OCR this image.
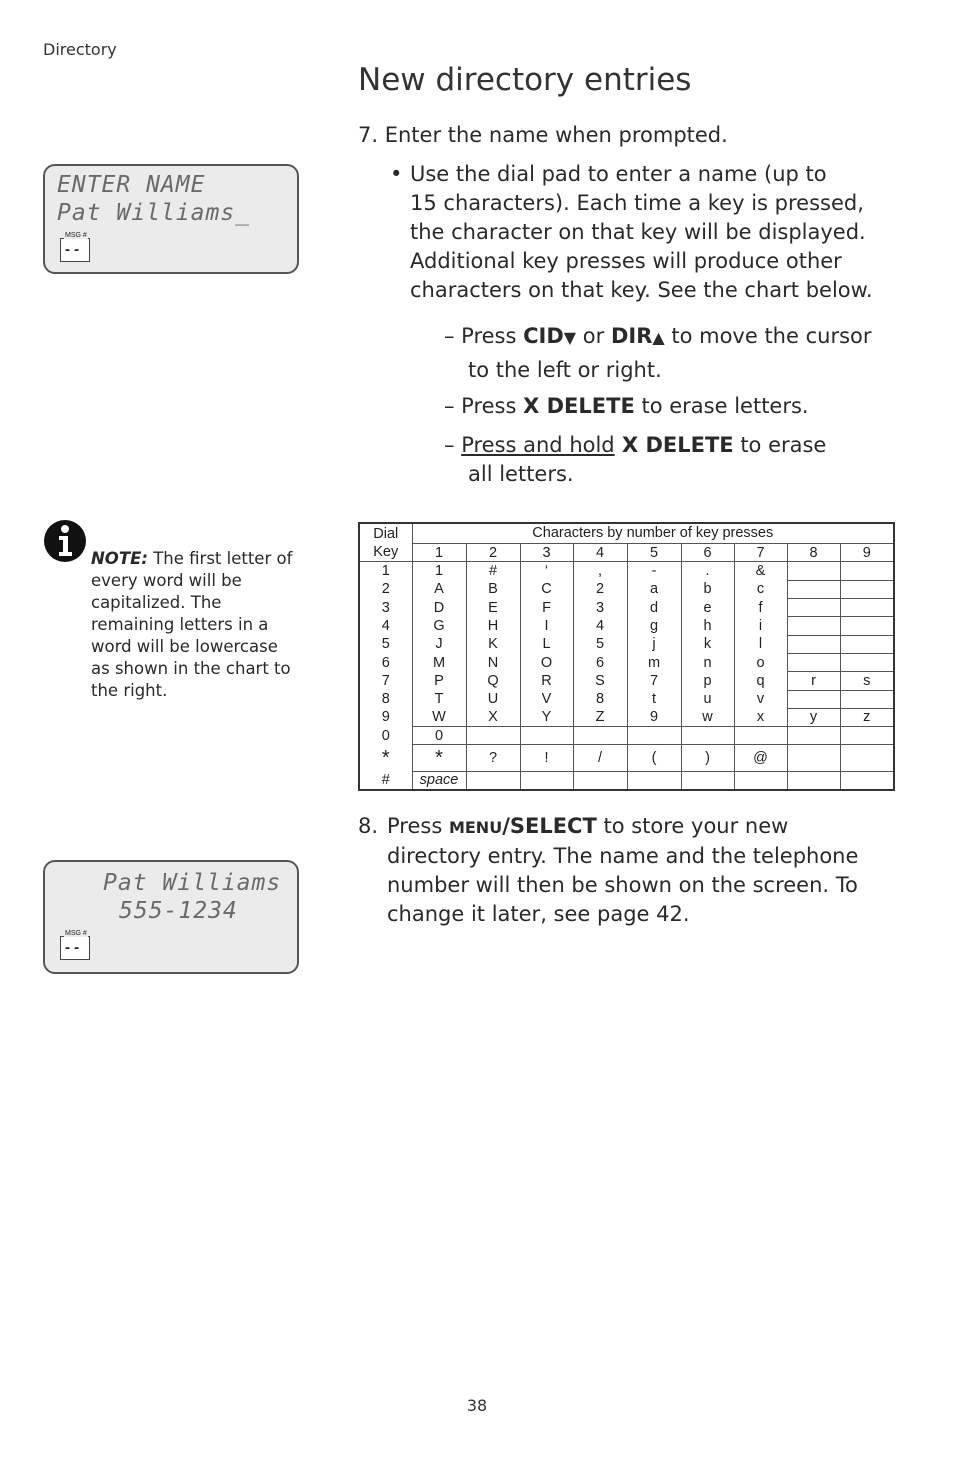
Directory
New directory entries
7. Enter the name when prompted.
• Use the dial pad to enter a name (up to
15 characters). Each time a key is pressed,
the character on that key will be displayed.
Additional key presses will produce other
characters on that key. See the chart below.
– Press CID▼ or DIR▲ to move the cursor
to the left or right.
– Press X DELETE to erase letters.
– Press and hold X DELETE to erase
all letters.
ENTER NAME
Pat Williams_
MSG #
- -
NOTE: The first letter of every word will be capitalized. The remaining letters in a word will be lowercase as shown in the chart to the right.
Dial	Characters by number of key presses								
Key	1	2	3	4	5	6	7	8	9
1	1	#	‘	,	-	.	&		
2	A	B	C	2	a	b	c		
3	D	E	F	3	d	e	f		
4	G	H	I	4	g	h	i		
5	J	K	L	5	j	k	l		
6	M	N	O	6	m	n	o		
7	P	Q	R	S	7	p	q	r	s
8	T	U	V	8	t	u	v		
9	W	X	Y	Z	9	w	x	y	z
0	0								
*	*	?	!	/	(	)	@		
#	space								
8. Press MENU/SELECT to store your new
directory entry. The name and the telephone
number will then be shown on the screen. To
change it later, see page 42.
Pat Williams
555-1234
MSG #
- -
38
